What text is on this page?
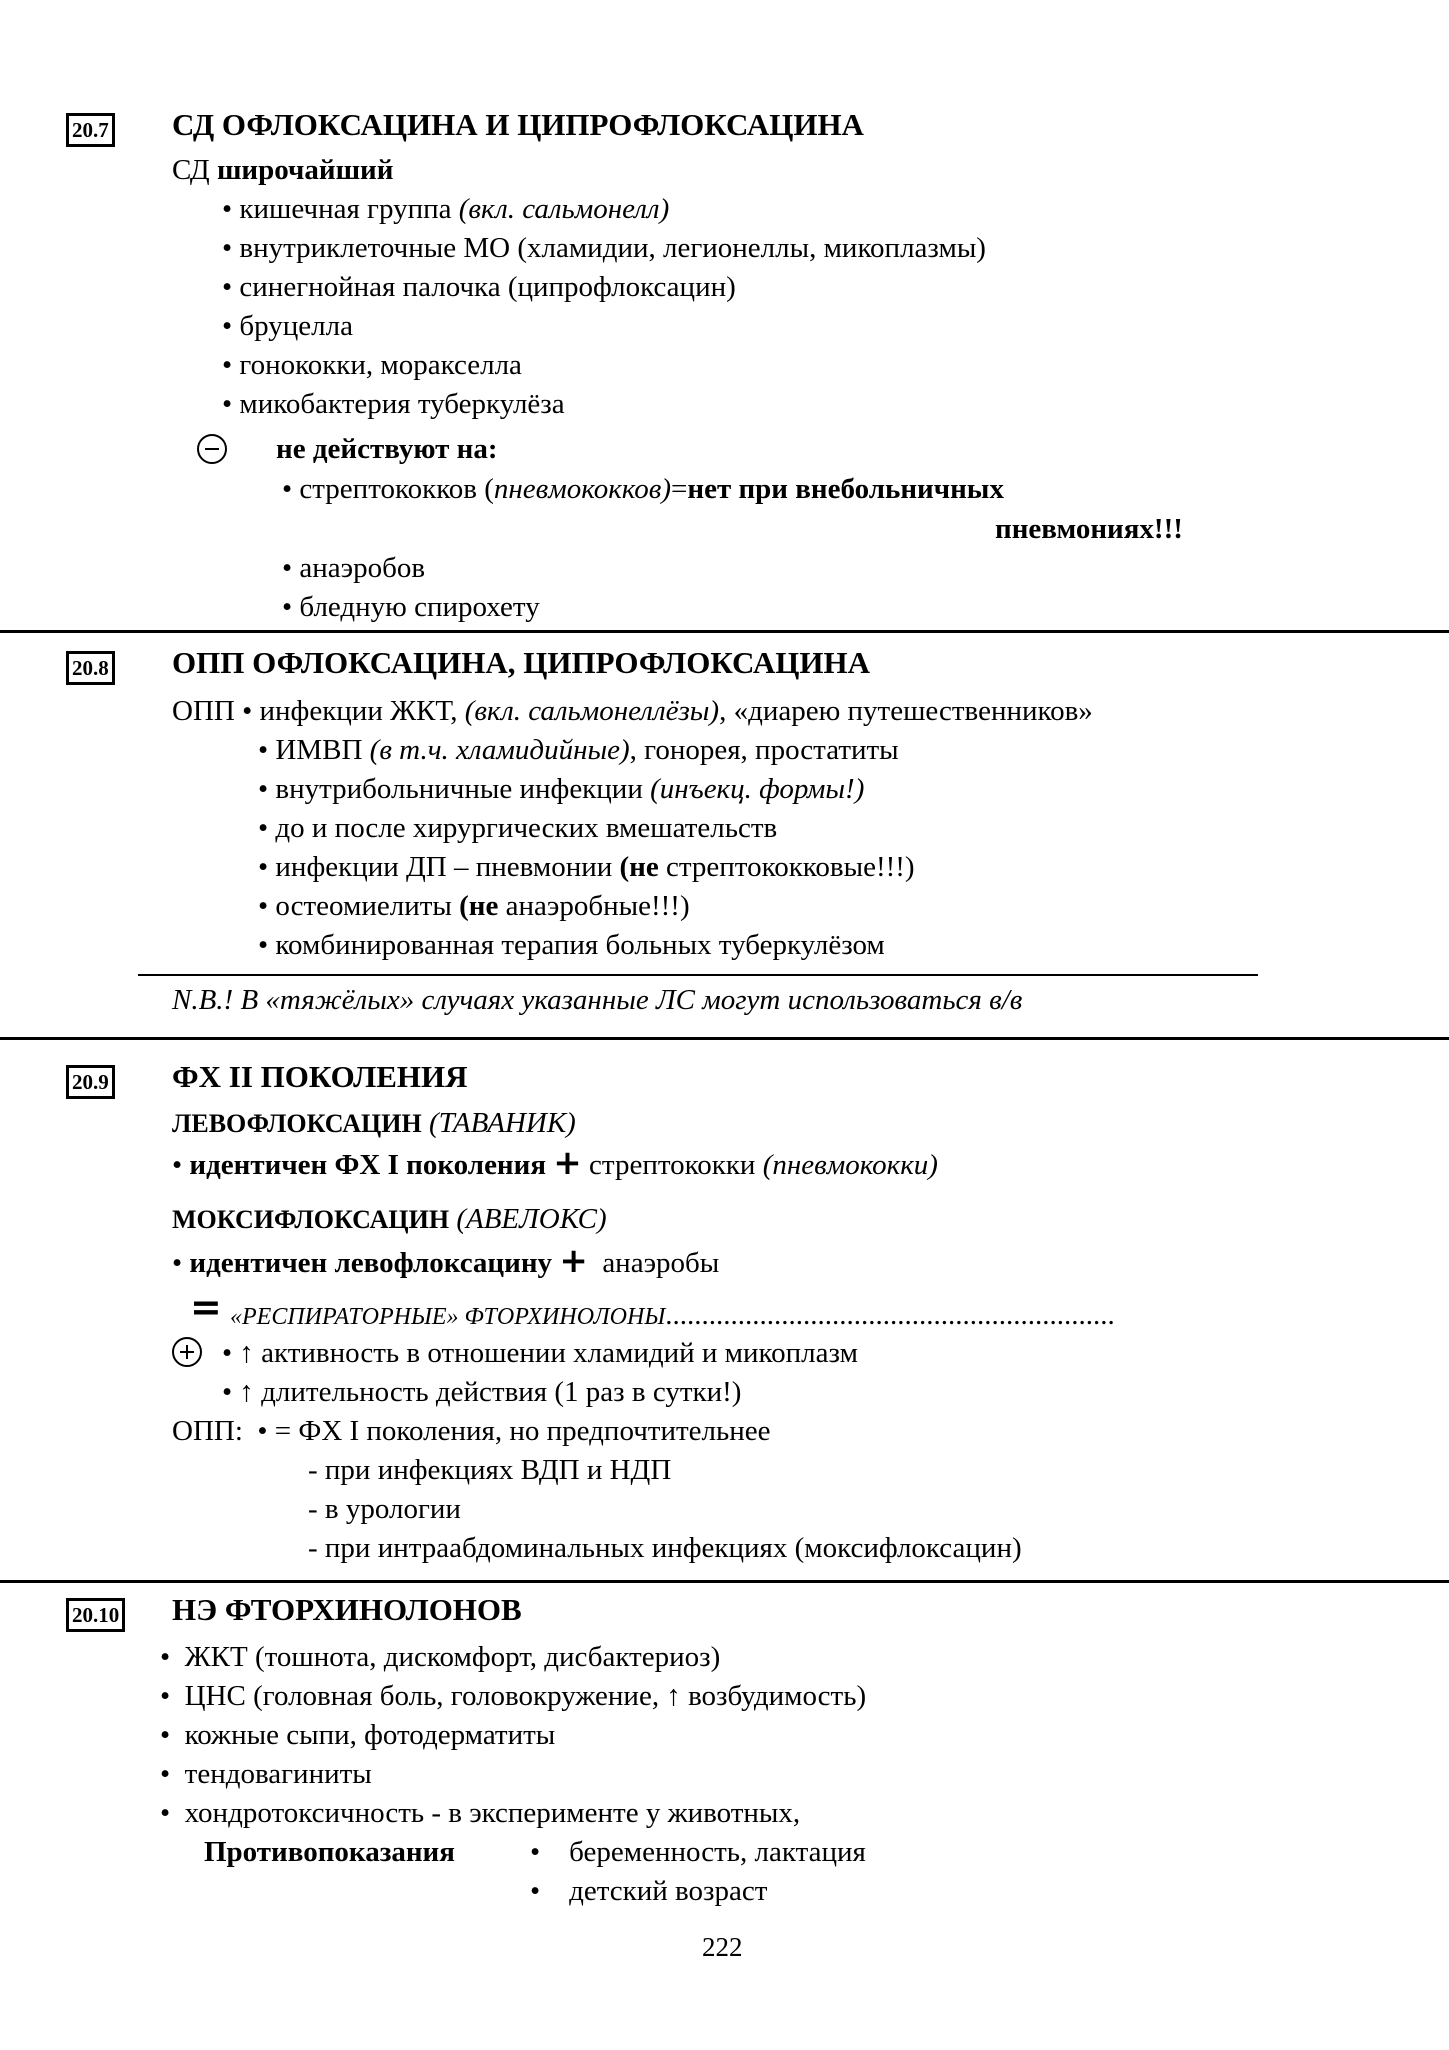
20.7 СД ОФЛОКСАЦИНА И ЦИПРОФЛОКСАЦИНА
СД широчайший
• кишечная группа (вкл. сальмонелл)
• внутриклеточные МО (хламидии, легионеллы, микоплазмы)
• синегнойная палочка (ципрофлоксацин)
• бруцелла
• гонококки, моракселла
• микобактерия туберкулёза
не действуют на:
• стрептококков (пневмококков)=нет при внебольничных
пневмониях!!!
• анаэробов
• бледную спирохету
20.8 ОПП ОФЛОКСАЦИНА, ЦИПРОФЛОКСАЦИНА
ОПП • инфекции ЖКТ, (вкл. сальмонеллёзы), «диарею путешественников»
• ИМВП (в т.ч. хламидийные), гонорея, простатиты
• внутрибольничные инфекции (инъекц. формы!)
• до и после хирургических вмешательств
• инфекции ДП – пневмонии (не стрептококковые!!!)
• остеомиелиты (не анаэробные!!!)
• комбинированная терапия больных туберкулёзом
N.B.! В «тяжёлых» случаях указанные ЛС могут использоваться в/в
20.9 ФХ II ПОКОЛЕНИЯ
ЛЕВОФЛОКСАЦИН (ТАВАНИК)
• идентичен ФХ I поколения + стрептококки (пневмококки)
МОКСИФЛОКСАЦИН (АВЕЛОКС)
• идентичен левофлоксацину + анаэробы
= «РЕСПИРАТОРНЫЕ» ФТОРХИНОЛОНЫ..............................................................
• ↑ активность в отношении хламидий и микоплазм
• ↑ длительность действия (1 раз в сутки!)
ОПП:  • = ФХ I поколения, но предпочтительнее
- при инфекциях ВДП и НДП
- в урологии
- при интраабдоминальных инфекциях (моксифлоксацин)
20.10 НЭ ФТОРХИНОЛОНОВ
•  ЖКТ (тошнота, дискомфорт, дисбактериоз)
•  ЦНС (головная боль, головокружение, ↑ возбудимость)
•  кожные сыпи, фотодерматиты
•  тендовагиниты
•  хондротоксичность - в эксперименте у животных,
Противопоказания	•    беременность, лактация
•    детский возраст
222
